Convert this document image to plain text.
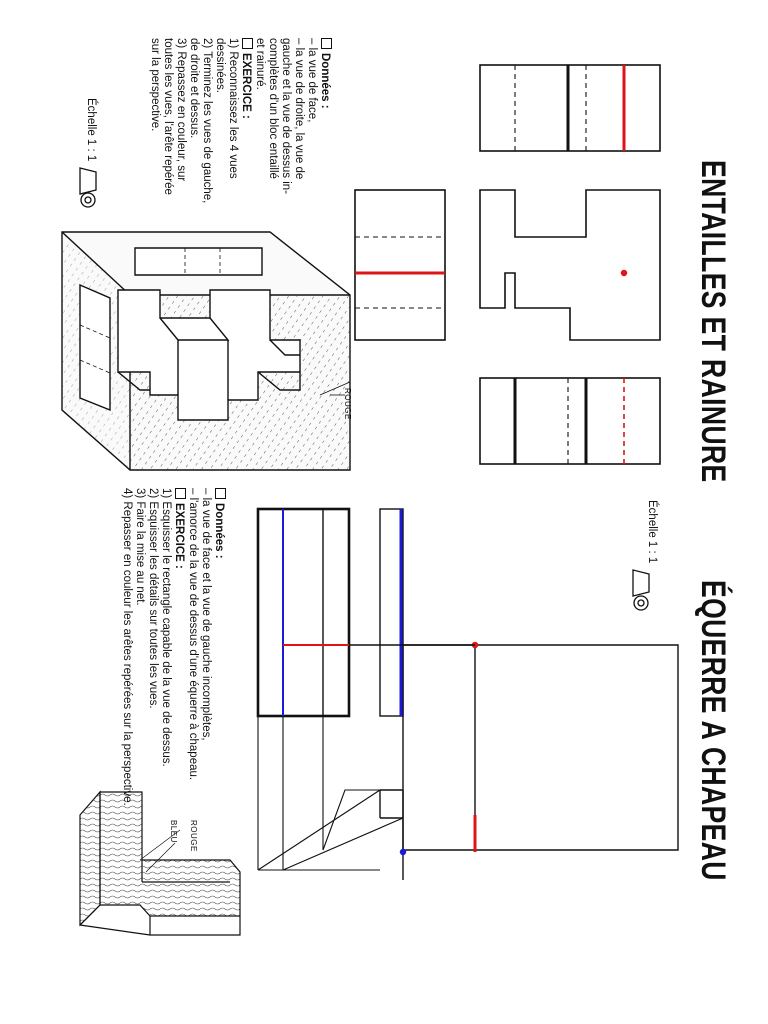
ENTAILLES ET RAINURE
Données :
– la vue de face,
– la vue de droite, la vue de
gauche et la vue de dessus in-
complètes d'un bloc entaillé
et rainuré.
EXERCICE :
1) Reconnaissez les 4 vues
dessinées.
2) Terminez les vues de gauche,
de droite et dessus.
3) Repassez en couleur, sur
toutes les vues, l'arête repérée
sur la perspective.
Échelle 1 : 1
ROUGE
ÉQUERRE A CHAPEAU
Échelle 1 : 1
Données :
– la vue de face et la vue de gauche incomplètes,
– l'amorce de la vue de dessus d'une équerre à chapeau.
EXERCICE :
1) Esquisser le rectangle capable de la vue de dessus.
2) Esquisser les détails sur toutes les vues.
3) Faire la mise au net.
4) Repasser en couleur les arêtes repérées sur la perspective.
ROUGE
BLEU
